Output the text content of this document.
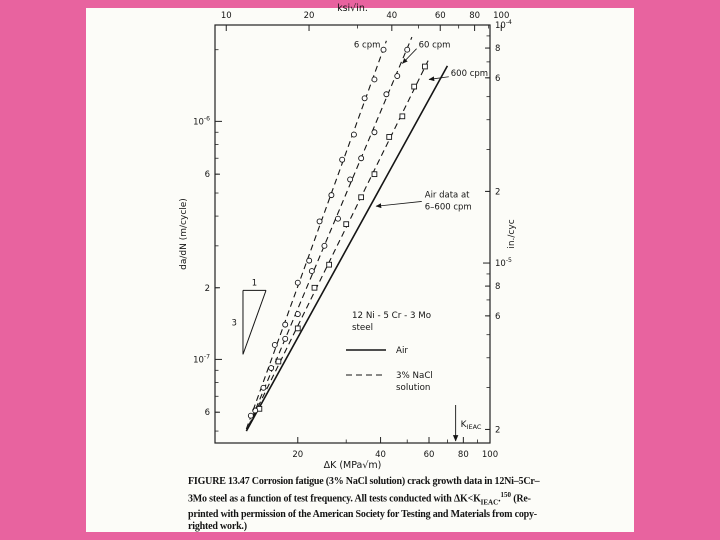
10	20	40	60	80 100
ksi√in.
20	40	60	80 100
ΔK (MPa√m)
$10^{-6}$
6
2
$10^{-7}$
6
da/dN (m/cycle)
$10^{-4}$
8
6
2
$10^{-5}$
8
6
2
in./cyc
6 cpm	60 cpm
600 cpm
Air data at
6–600 cpm
$K_{IEAC}$
1
3
12 Ni - 5 Cr - 3 Mo
steel
Air
3% NaCl
solution
FIGURE 13.47 Corrosion fatigue (3% NaCl solution) crack growth data in 12Ni–5Cr–
3Mo steel as a function of test frequency. All tests conducted with $\Delta K<K_{IEAC}.^{150}$ (Re-
printed with permission of the American Society for Testing and Materials from copy-
righted work.)
